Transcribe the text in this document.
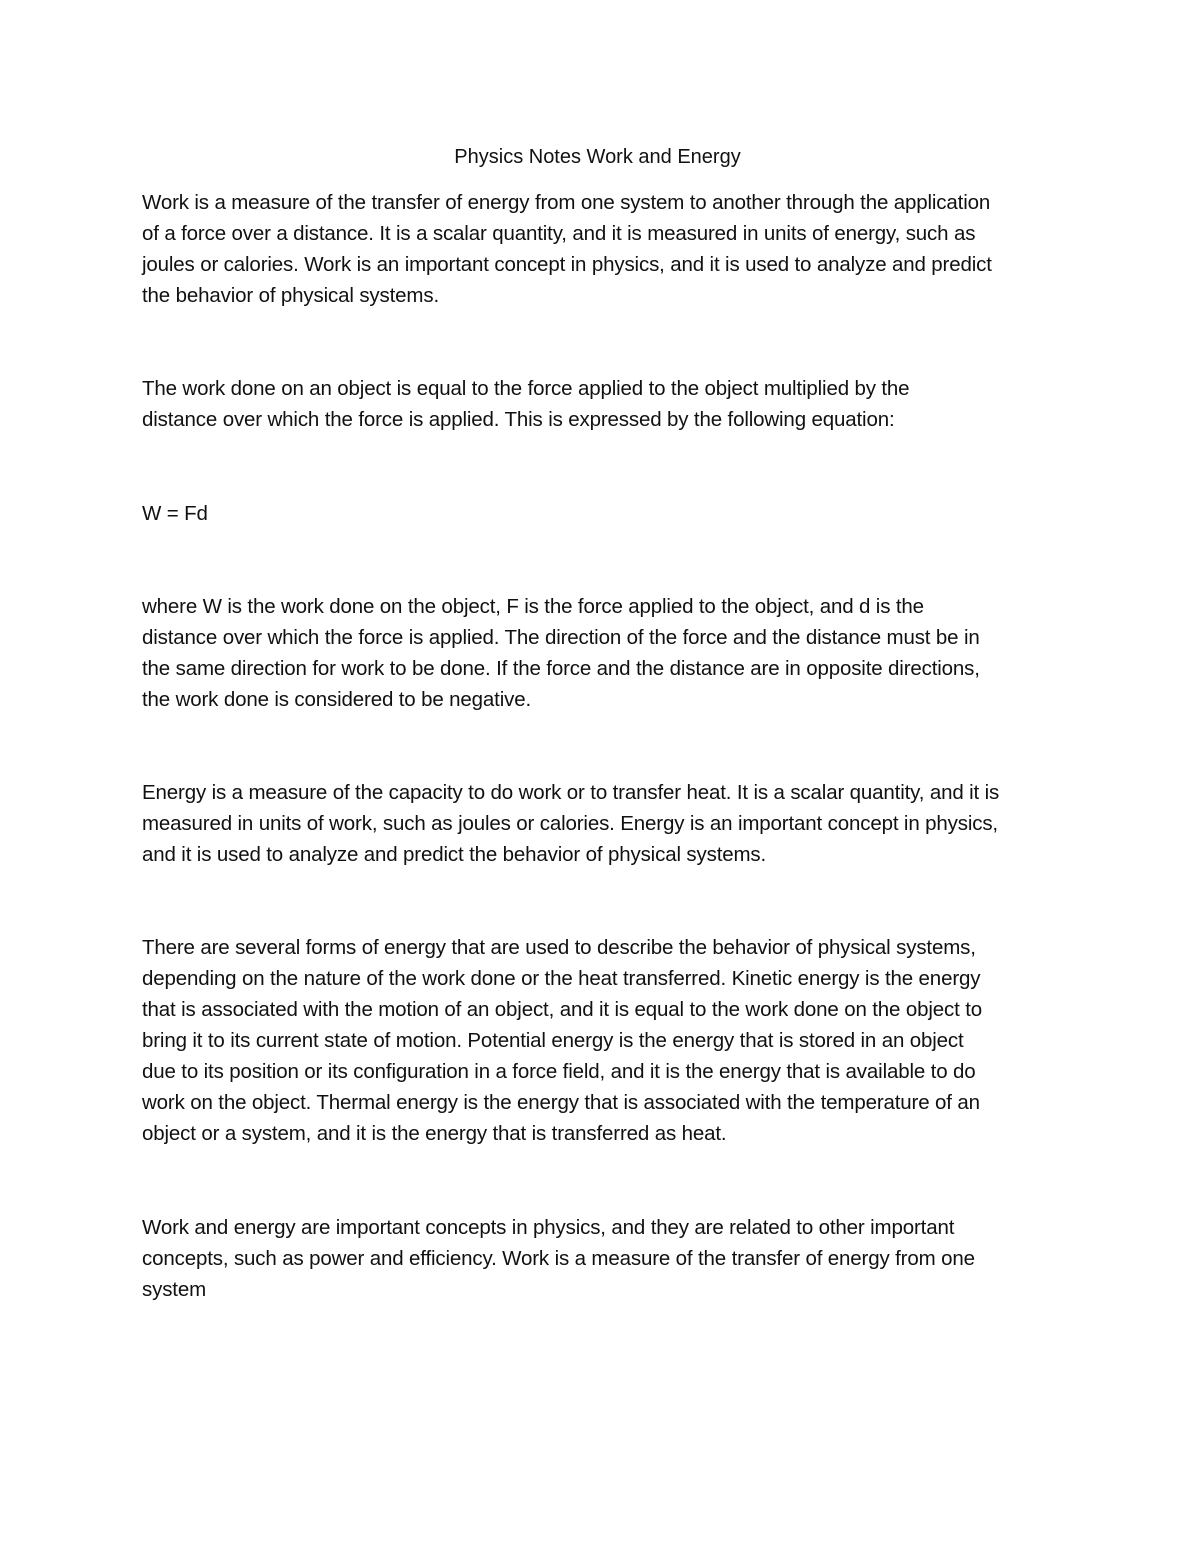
Physics Notes Work and Energy
Work is a measure of the transfer of energy from one system to another through the application
of a force over a distance. It is a scalar quantity, and it is measured in units of energy, such as
joules or calories. Work is an important concept in physics, and it is used to analyze and predict
the behavior of physical systems.
The work done on an object is equal to the force applied to the object multiplied by the
distance over which the force is applied. This is expressed by the following equation:
W = Fd
where W is the work done on the object, F is the force applied to the object, and d is the
distance over which the force is applied. The direction of the force and the distance must be in
the same direction for work to be done. If the force and the distance are in opposite directions,
the work done is considered to be negative.
Energy is a measure of the capacity to do work or to transfer heat. It is a scalar quantity, and it is
measured in units of work, such as joules or calories. Energy is an important concept in physics,
and it is used to analyze and predict the behavior of physical systems.
There are several forms of energy that are used to describe the behavior of physical systems,
depending on the nature of the work done or the heat transferred. Kinetic energy is the energy
that is associated with the motion of an object, and it is equal to the work done on the object to
bring it to its current state of motion. Potential energy is the energy that is stored in an object
due to its position or its configuration in a force field, and it is the energy that is available to do
work on the object. Thermal energy is the energy that is associated with the temperature of an
object or a system, and it is the energy that is transferred as heat.
Work and energy are important concepts in physics, and they are related to other important
concepts, such as power and efficiency. Work is a measure of the transfer of energy from one
system
